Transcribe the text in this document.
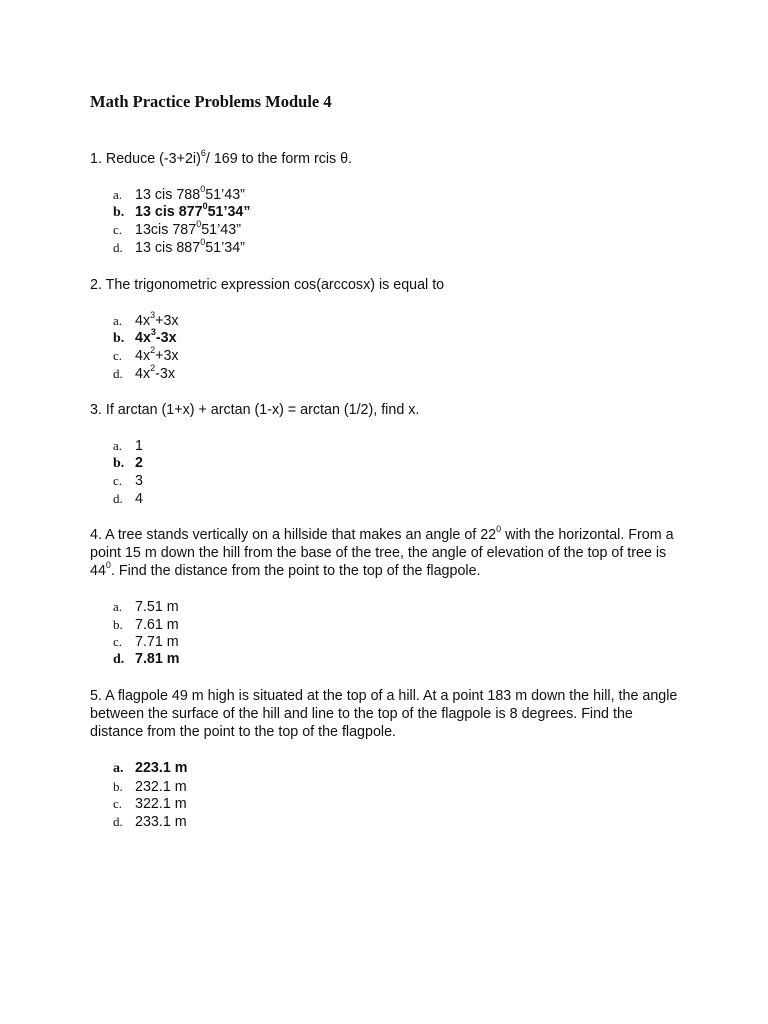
Math Practice Problems Module 4
1. Reduce $(-3+2i)^6/$ 169 to the form rcis θ.
a. 13 cis $788^051’43$”
b. 13 cis $877^051’34$”
c. 13cis $787^051’43$”
d. 13 cis $887^051’34$”
2. The trigonometric expression cos(arccosx) is equal to
a. $4x^3+3x$
b. $4x^3-3x$
c. $4x^2+3x$
d. $4x^2-3x$
3. If arctan (1+x) + arctan (1-x) = arctan (1/2), find x.
a. 1
b. 2
c. 3
d. 4
4. A tree stands vertically on a hillside that makes an angle of $22^0$ with the horizontal. From a point 15 m down the hill from the base of the tree, the angle of elevation of the top of tree is $44^0$. Find the distance from the point to the top of the flagpole.
a. 7.51 m
b. 7.61 m
c. 7.71 m
d. 7.81 m
5. A flagpole 49 m high is situated at the top of a hill. At a point 183 m down the hill, the angle between the surface of the hill and line to the top of the flagpole is 8 degrees. Find the distance from the point to the top of the flagpole.
a. 223.1 m
b. 232.1 m
c. 322.1 m
d. 233.1 m
